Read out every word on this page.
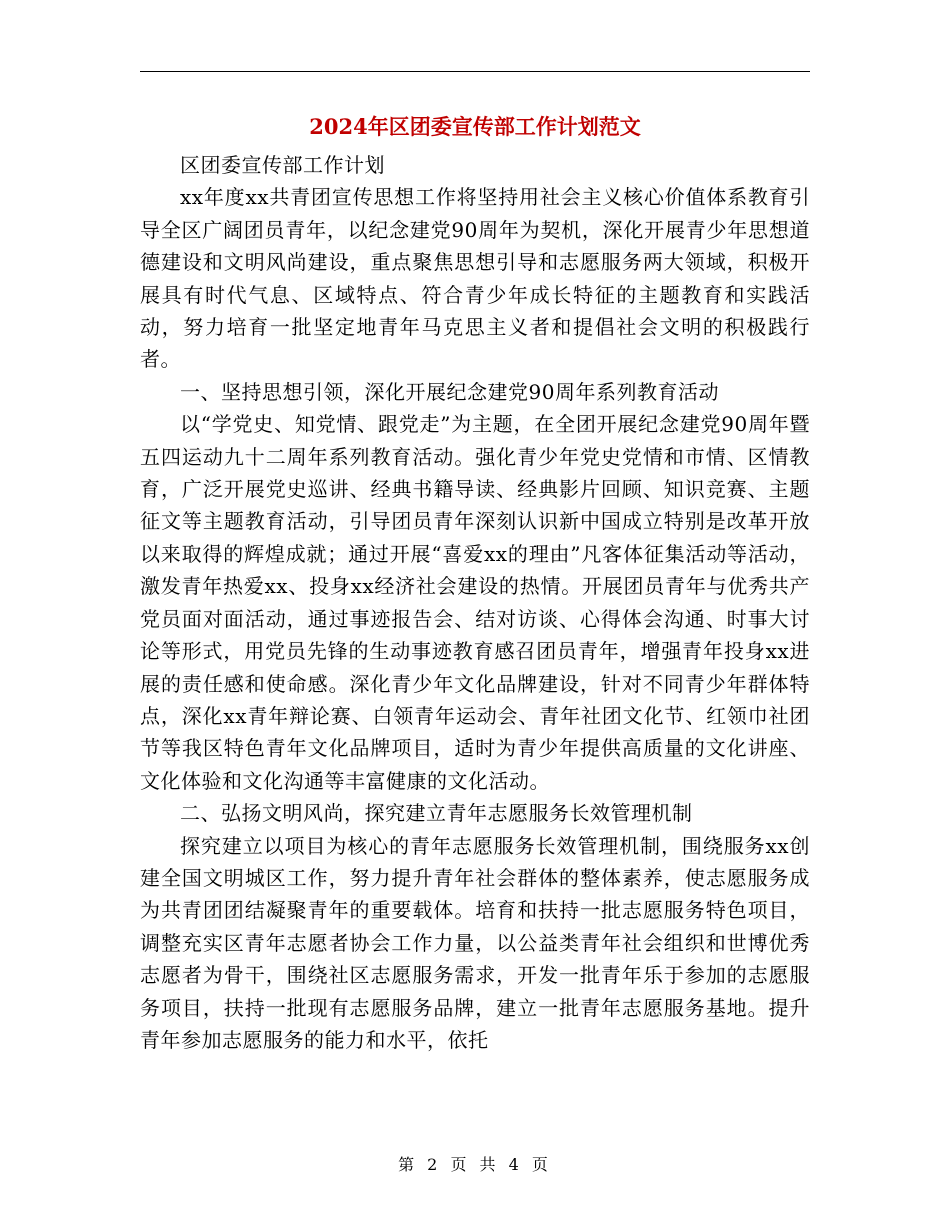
2024年区团委宣传部工作计划范文

区团委宣传部工作计划

xx年度xx共青团宣传思想工作将坚持用社会主义核心价值体系教育引导全区广阔团员青年，以纪念建党90周年为契机，深化开展青少年思想道德建设和文明风尚建设，重点聚焦思想引导和志愿服务两大领域，积极开展具有时代气息、区域特点、符合青少年成长特征的主题教育和实践活动，努力培育一批坚定地青年马克思主义者和提倡社会文明的积极践行者。

一、坚持思想引领，深化开展纪念建党90周年系列教育活动

以“学党史、知党情、跟党走”为主题，在全团开展纪念建党90周年暨五四运动九十二周年系列教育活动。强化青少年党史党情和市情、区情教育，广泛开展党史巡讲、经典书籍导读、经典影片回顾、知识竞赛、主题征文等主题教育活动，引导团员青年深刻认识新中国成立特别是改革开放以来取得的辉煌成就；通过开展“喜爱xx的理由”凡客体征集活动等活动，激发青年热爱xx、投身xx经济社会建设的热情。开展团员青年与优秀共产党员面对面活动，通过事迹报告会、结对访谈、心得体会沟通、时事大讨论等形式，用党员先锋的生动事迹教育感召团员青年，增强青年投身xx进展的责任感和使命感。深化青少年文化品牌建设，针对不同青少年群体特点，深化xx青年辩论赛、白领青年运动会、青年社团文化节、红领巾社团节等我区特色青年文化品牌项目，适时为青少年提供高质量的文化讲座、文化体验和文化沟通等丰富健康的文化活动。

二、弘扬文明风尚，探究建立青年志愿服务长效管理机制

探究建立以项目为核心的青年志愿服务长效管理机制，围绕服务xx创建全国文明城区工作，努力提升青年社会群体的整体素养，使志愿服务成为共青团团结凝聚青年的重要载体。培育和扶持一批志愿服务特色项目，调整充实区青年志愿者协会工作力量，以公益类青年社会组织和世博优秀志愿者为骨干，围绕社区志愿服务需求，开发一批青年乐于参加的志愿服务项目，扶持一批现有志愿服务品牌，建立一批青年志愿服务基地。提升青年参加志愿服务的能力和水平，依托

第 2 页 共 4 页
